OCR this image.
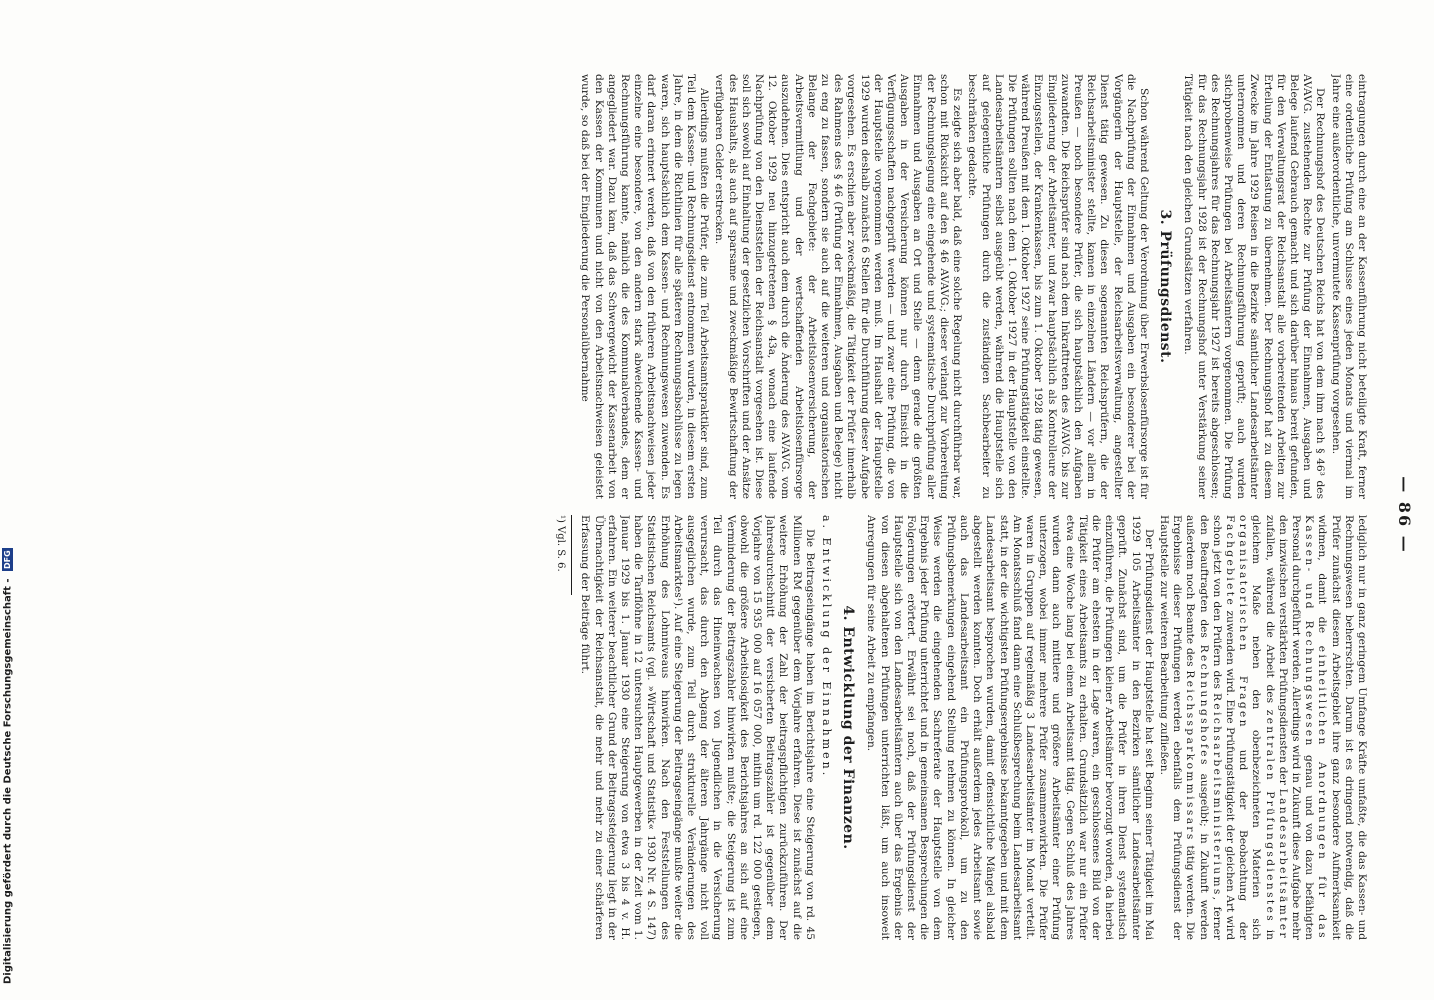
— 86 —

eintragungen durch eine an der Kassenführung nicht beteiligte Kraft, ferner eine ordentliche Prüfung am Schlusse eines jeden Monats und viermal im Jahre eine außerordentliche, unvermutete Kassenprüfung vorgesehen.

Der Rechnungshof des Deutschen Reichs hat von dem ihm nach § 46³ des AVAVG. zustehenden Rechte zur Prüfung der Einnahmen, Ausgaben und Belege laufend Gebrauch gemacht und sich darüber hinaus bereit gefunden, für den Verwaltungsrat der Reichsanstalt alle vorbereitenden Arbeiten zur Erteilung der Entlastung zu übernehmen. Der Rechnungshof hat zu diesem Zwecke im Jahre 1929 Reisen in die Bezirke sämtlicher Landesarbeitsämter unternommen und deren Rechnungsführung geprüft; auch wurden stichprobenweise Prüfungen bei Arbeitsämtern vorgenommen. Die Prüfung des Rechnungsjahres für das Rechnungsjahr 1927 ist bereits abgeschlossen; für das Rechnungsjahr 1928 ist der Rechnungshof unter Verstärkung seiner Tätigkeit nach den gleichen Grundsätzen verfahren.

3. Prüfungsdienst.

Schon während Geltung der Verordnung über Erwerbslosenfürsorge ist für die Nachprüfung der Einnahmen und Ausgaben ein besonderer bei der Vorgängerin der Hauptstelle, der Reichsarbeitsverwaltung, angestellter Dienst tätig gewesen. Zu diesen sogenannten Reichsprüfern, die der Reichsarbeitsminister stellte, kamen in einzelnen Ländern — vor allem in Preußen — noch besondere Prüfer, die sich hauptsächlich den Aufgaben zuwandten. Die Reichsprüfer sind nach dem Inkrafttreten des AVAVG. bis zur Eingliederung der Arbeitsämter, und zwar hauptsächlich als Kontrolleure der Einzugsstellen, der Krankenkassen, bis zum 1. Oktober 1928 tätig gewesen, während Preußen mit dem 1. Oktober 1927 seine Prüfungstätigkeit einstellte. Die Prüfungen sollten nach dem 1. Oktober 1927 in der Hauptstelle von den Landesarbeitsämtern selbst ausgeübt werden, während die Hauptstelle sich auf gelegentliche Prüfungen durch die zuständigen Sachbearbeiter zu beschränken gedachte.

Es zeigte sich aber bald, daß eine solche Regelung nicht durchführbar war, schon mit Rücksicht auf den § 46 AVAVG.; dieser verlangt zur Vorbereitung der Rechnungslegung eine eingehende und systematische Durchprüfung aller Einnahmen und Ausgaben an Ort und Stelle — denn gerade die größten Ausgaben in der Versicherung können nur durch Einsicht in die Verfügungsschaften nachgeprüft werden — und zwar eine Prüfung, die von der Hauptstelle vorgenommen werden muß. Im Haushalt der Hauptstelle 1929 wurden deshalb zunächst 6 Stellen für die Durchführung dieser Aufgabe vorgesehen. Es erschien aber zweckmäßig, die Tätigkeit der Prüfer innerhalb des Rahmens des § 46 (Prüfung der Einnahmen, Ausgaben und Belege) nicht zu eng zu fassen, sondern sie auch auf die weiteren und organisatorischen Belange der Fachgebiete: der Arbeitslosenversicherung, der Arbeitsvermittlung und der wertschaffenden Arbeitslosenfürsorge auszudehnen. Dies entspricht auch dem durch die Änderung des AVAVG. vom 12. Oktober 1929 neu hinzugetretenen § 43a, wonach eine laufende Nachprüfung von den Dienststellen der Reichsanstalt vorgesehen ist. Diese soll sich sowohl auf Einhaltung der gesetzlichen Vorschriften und der Ansätze des Haushalts, als auch auf sparsame und zweckmäßige Bewirtschaftung der verfügbaren Gelder erstrecken.

Allerdings mußten die Prüfer, die zum Teil Arbeitsamtspraktiker sind, zum Teil dem Kassen- und Rechnungsdienst entnommen wurden, in diesem ersten Jahre, in dem die Richtlinien für alle späteren Rechnungsabschlüsse zu legen waren, sich hauptsächlich dem Kassen- und Rechnungswesen zuwenden. Es darf daran erinnert werden, daß von den früheren Arbeitsnachweisen jeder einzelne eine besondere, von den andern stark abweichende Kassen- und Rechnungsführung kannte, nämlich die des Kommunalverbandes, dem er angegliedert war. Dazu kam, daß das Schwergewicht der Kassenarbeit von den Kassen der Kommunen und nicht von den Arbeitsnachweisen geleistet wurde, so daß bei der Eingliederung die Personalübernahme

lediglich nur in ganz geringem Umfange Kräfte umfaßte, die das Kassen- und Rechnungswesen beherrschten. Darum ist es dringend notwendig, daß die Prüfer zunächst diesem Arbeitsgebiet ihre ganz besondere Aufmerksamkeit widmen, damit die einheitlichen Anordnungen für das Kassen- und Rechnungswesen genau und von dazu befähigten Personal durchgeführt werden. Allerdings wird in Zukunft diese Aufgabe mehr den inzwischen verstärkten Prüfungsdiensten der Landesarbeitsämter zufallen, während die Arbeit des zentralen Prüfungsdienstes in gleichem Maße neben den obenbezeichneten Materien sich organisatorischen Fragen und der Beobachtung der Fachgebiete zuwenden wird. Eine Prüfungstätigkeit der gleichen Art wird schon jetzt von den Prüfern des Reichsarbeitsministeriums, ferner den Beauftragten des Rechnungshofes ausgeübt; in Zukunft werden außerdem noch Beamte des Reichssparkommissars tätig werden. Die Ergebnisse dieser Prüfungen werden ebenfalls dem Prüfungsdienst der Hauptstelle zur weiteren Bearbeitung zufließen.

Der Prüfungsdienst der Hauptstelle hat seit Beginn seiner Tätigkeit im Mai 1929 105 Arbeitsämter in den Bezirken sämtlicher Landesarbeitsämter geprüft. Zunächst sind, um die Prüfer in ihren Dienst systematisch einzuführen, die Prüfungen kleiner Arbeitsämter bevorzugt worden, da hierbei die Prüfer am ehesten in der Lage waren, ein geschlossenes Bild von der Tätigkeit eines Arbeitsamts zu erhalten. Grundsätzlich war nur ein Prüfer etwa eine Woche lang bei einem Arbeitsamt tätig. Gegen Schluß des Jahres wurden dann auch mittlere und größere Arbeitsämter einer Prüfung unterzogen, wobei immer mehrere Prüfer zusammenwirkten. Die Prüfer waren in Gruppen auf regelmäßig 3 Landesarbeitsämter im Monat verteilt. Am Monatsschluß fand dann eine Schlußbesprechung beim Landesarbeitsamt statt, in der die wichtigsten Prüfungsergebnisse bekanntgegeben und mit dem Landesarbeitsamt besprochen wurden, damit offensichtliche Mängel alsbald abgestellt werden konnten. Doch erhält außerdem jedes Arbeitsamt sowie auch das Landesarbeitsamt ein Prüfungsprotokoll, um zu den Prüfungsbemerkungen eingehend Stellung nehmen zu können. In gleicher Weise werden die eingehenden Sachreferate der Hauptstelle von dem Ergebnis jeder Prüfung unterrichtet und in gemeinsamen Besprechungen die Folgerungen erörtert. Erwähnt sei noch, daß der Prüfungsdienst der Hauptstelle sich von den Landesarbeitsämtern auch über das Ergebnis der von diesen abgehaltenen Prüfungen unterrichten läßt, um auch insoweit Anregungen für seine Arbeit zu empfangen.

4. Entwicklung der Finanzen.
a. Entwicklung der Einnahmen.

Die Beitragseingänge haben im Berichtsjahre eine Steigerung von rd. 45 Millionen RM gegenüber dem Vorjahre erfahren. Diese ist zunächst auf die weitere Erhöhung der Zahl der beitragspflichtigen zurückzuführen. Der Jahresdurchschnitt der versicherten Beitragszahler ist gegenüber dem Vorjahre von 15 935 000 auf 16 057 000, mithin um rd. 122 000 gestiegen, obwohl die größere Arbeitslosigkeit des Berichtsjahres an sich auf eine Verminderung der Beitragszahler hinwirken mußte; die Steigerung ist zum Teil durch das Hineinwachsen von Jugendlichen in die Versicherung verursacht, das durch den Abgang der älteren Jahrgänge nicht voll ausgeglichen wurde, zum Teil durch strukturelle Veränderungen des Arbeitsmarktes¹). Auf eine Steigerung der Beitragseingänge mußte weiter die Erhöhung des Lohnniveaus hinwirken. Nach den Feststellungen des Statistischen Reichsamts (vgl. »Wirtschaft und Statistik« 1930 Nr. 4 S. 147) haben die Tariflöhne in 12 untersuchten Hauptgewerben in der Zeit vom 1. Januar 1929 bis 1. Januar 1930 eine Steigerung von etwa 3 bis 4 v. H. erfahren. Ein weiterer beachtlicher Grund der Beitragssteigerung liegt in der Übernachtigkeit der Reichsanstalt, die mehr und mehr zu einer schärferen Erfassung der Beiträge führt.

¹) Vgl. S. 6.
Digitalisierung gefördert durch die Deutsche Forschungsgemeinschaft - DFG
